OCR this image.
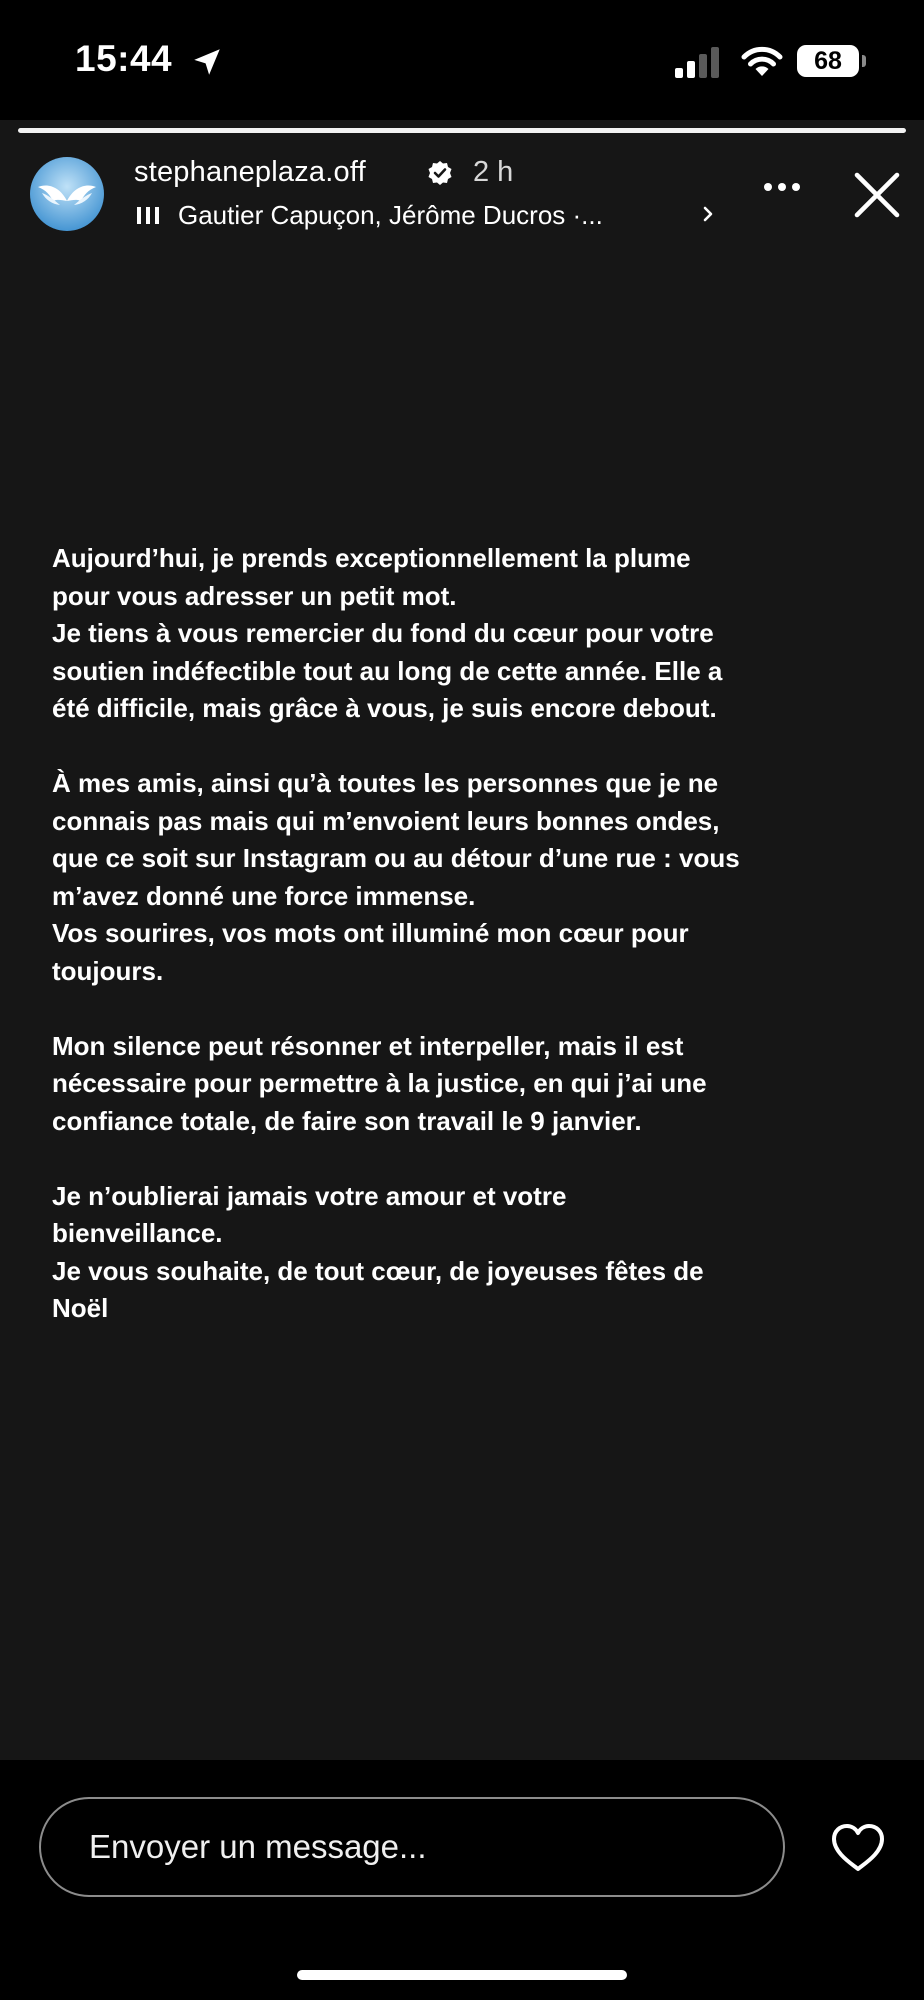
15:44	68
stephaneplaza.off	2 h
Gautier Capuçon, Jérôme Ducros ·...

Aujourd’hui, je prends exceptionnellement la plume
pour vous adresser un petit mot.
Je tiens à vous remercier du fond du cœur pour votre
soutien indéfectible tout au long de cette année. Elle a
été difficile, mais grâce à vous, je suis encore debout.

À mes amis, ainsi qu’à toutes les personnes que je ne
connais pas mais qui m’envoient leurs bonnes ondes,
que ce soit sur Instagram ou au détour d’une rue : vous
m’avez donné une force immense.
Vos sourires, vos mots ont illuminé mon cœur pour
toujours.

Mon silence peut résonner et interpeller, mais il est
nécessaire pour permettre à la justice, en qui j’ai une
confiance totale, de faire son travail le 9 janvier.

Je n’oublierai jamais votre amour et votre
bienveillance.
Je vous souhaite, de tout cœur, de joyeuses fêtes de
Noël

Envoyer un message...
